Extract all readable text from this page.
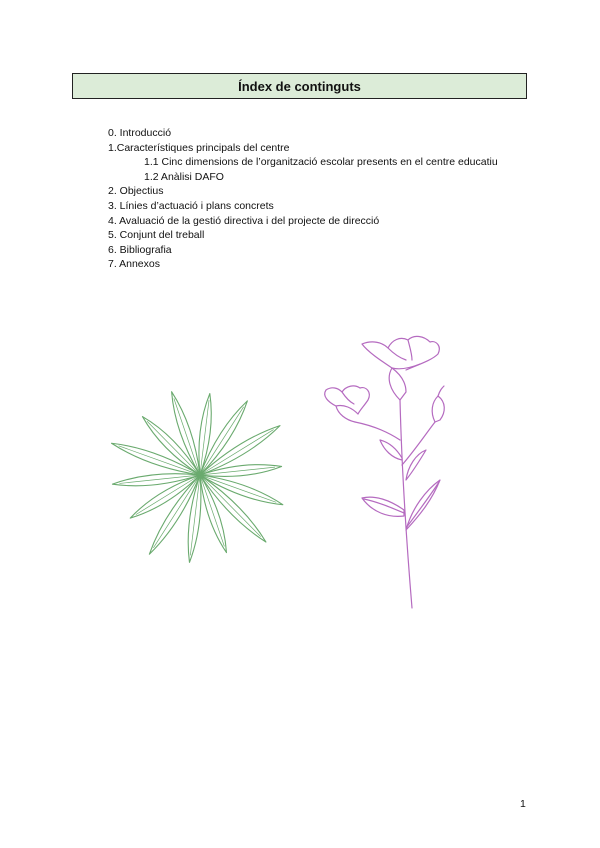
Índex de continguts
0. Introducció
1.Característiques principals del centre
1.1 Cinc dimensions de l’organització escolar presents en el centre educatiu
1.2 Anàlisi DAFO
2. Objectius
3. Línies d’actuació i plans concrets
4. Avaluació de la gestió directiva i del projecte de direcció
5. Conjunt del treball
6. Bibliografia
7. Annexos
1
